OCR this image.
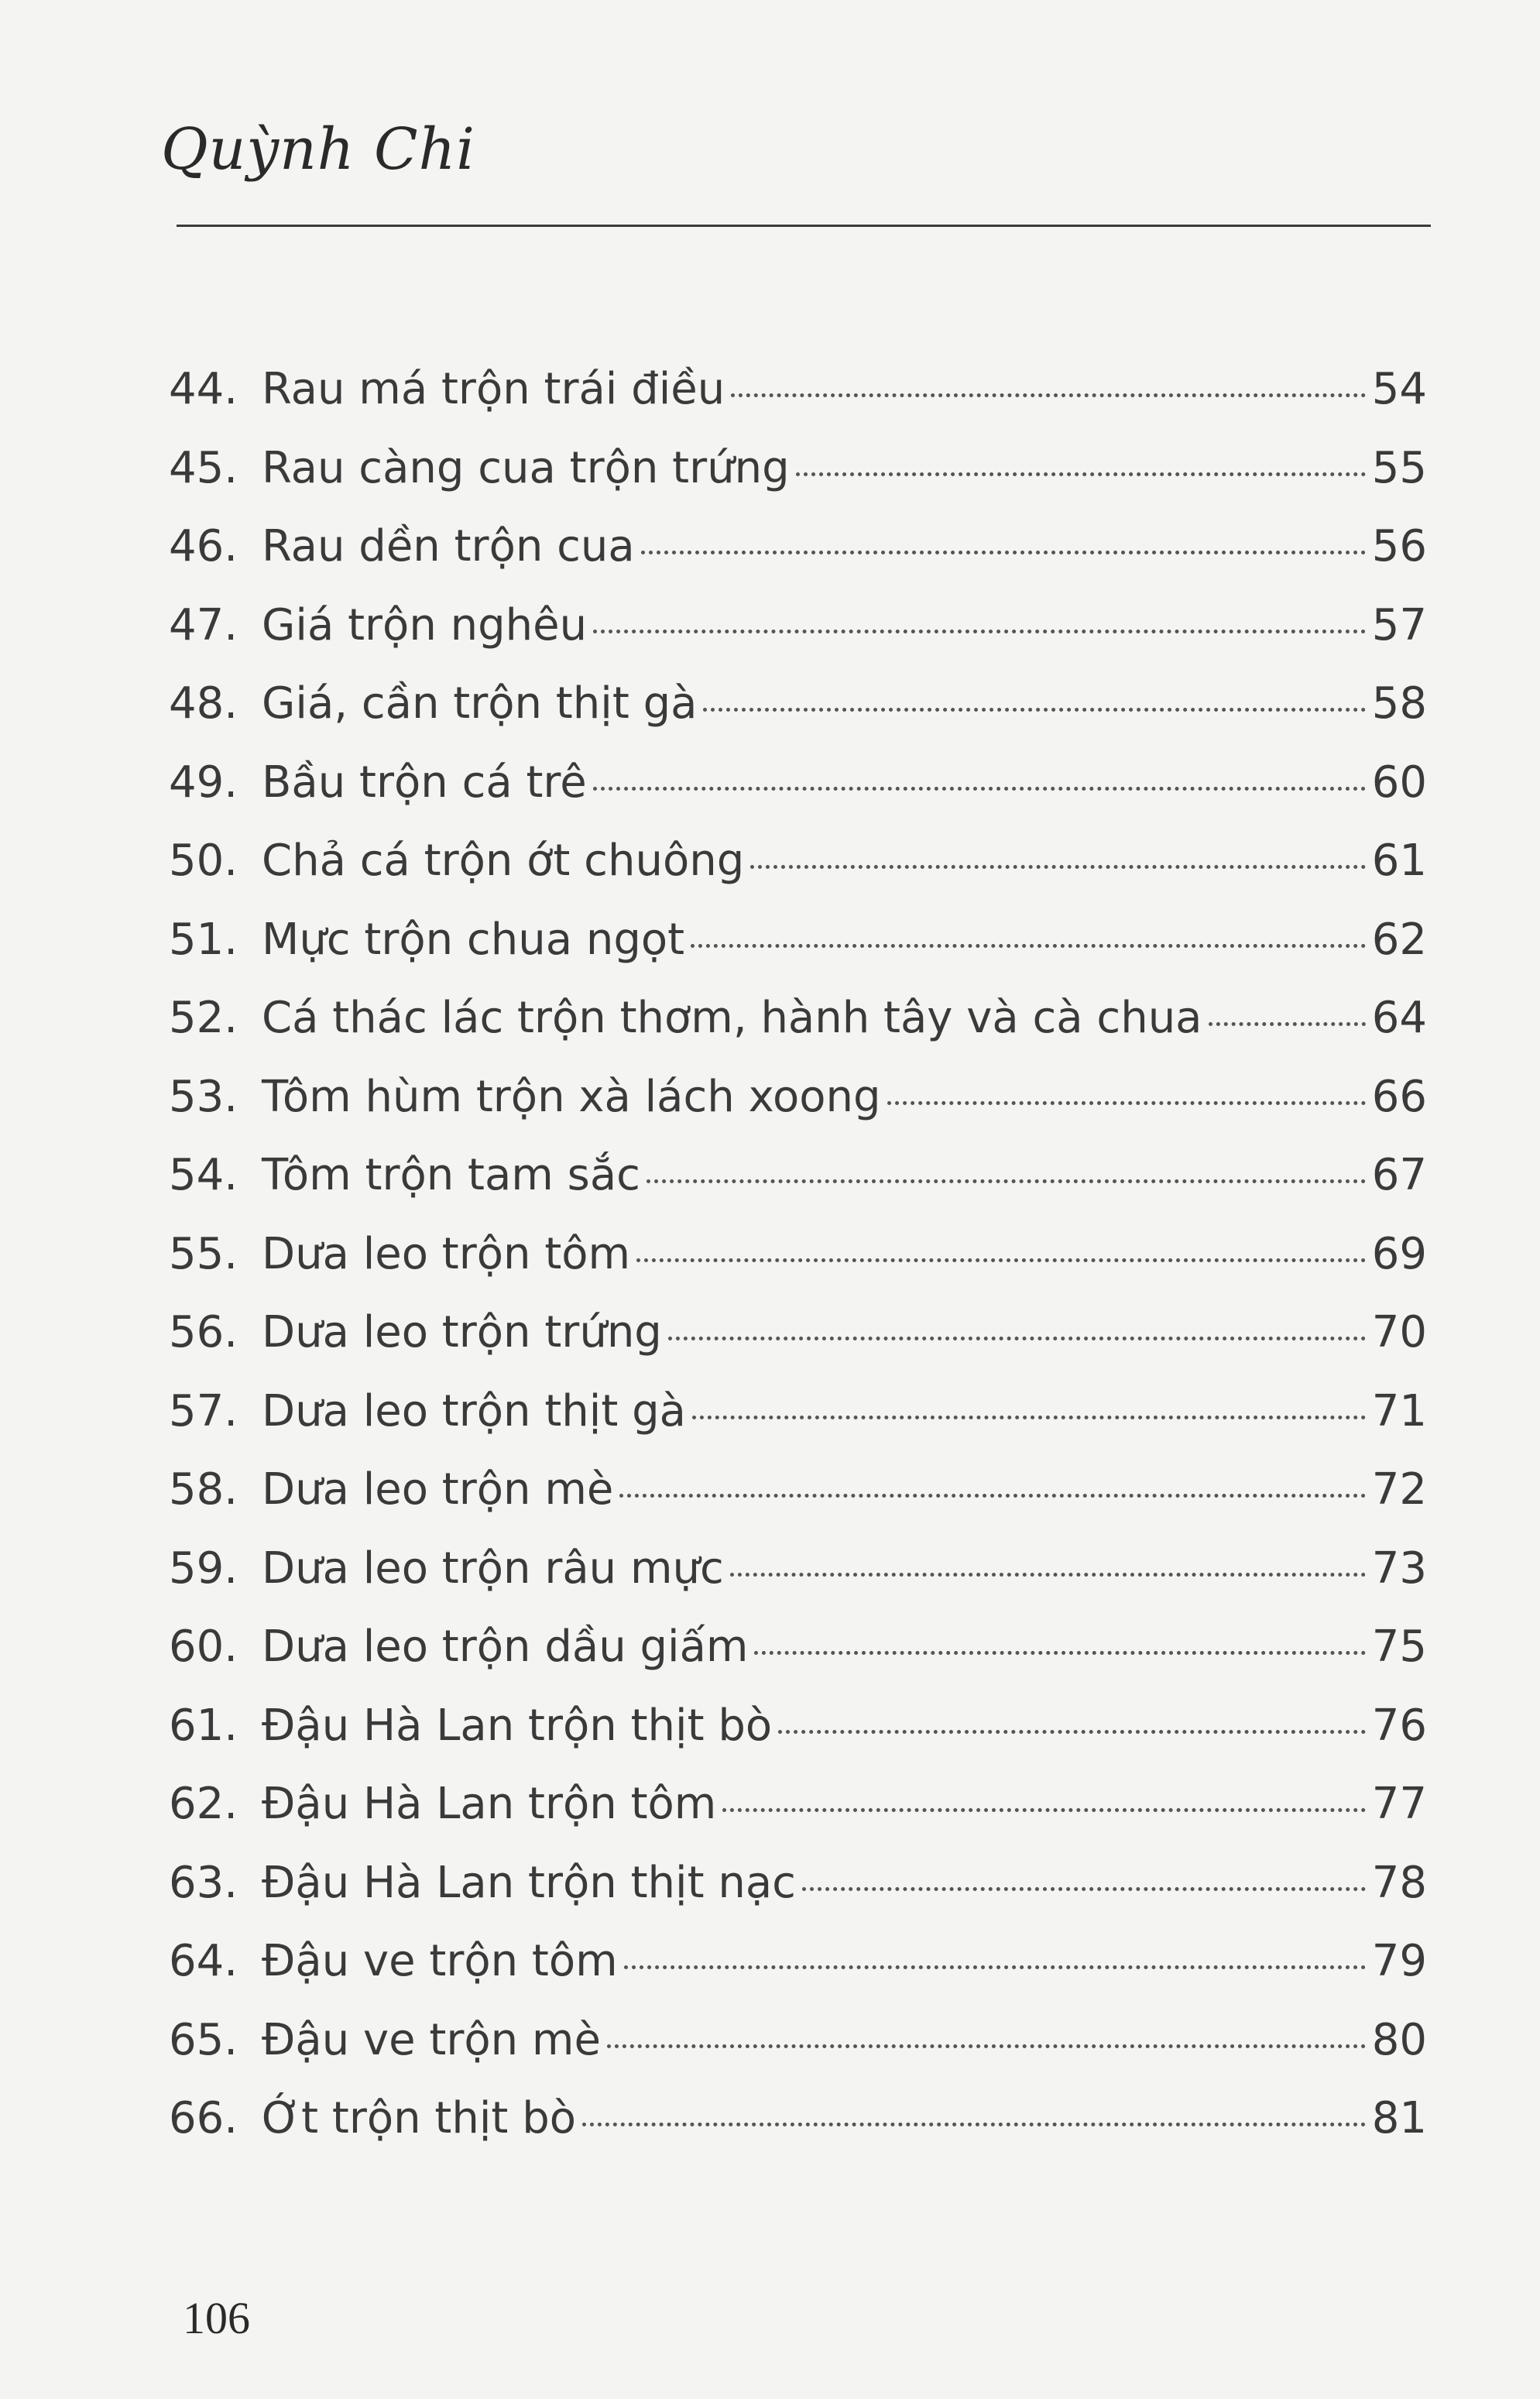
Quỳnh Chi
44. Rau má trộn trái điều	54
45. Rau càng cua trộn trứng	55
46. Rau dền trộn cua	56
47. Giá trộn nghêu	57
48. Giá, cần trộn thịt gà	58
49. Bầu trộn cá trê	60
50. Chả cá trộn ớt chuông	61
51. Mực trộn chua ngọt	62
52. Cá thác lác trộn thơm, hành tây và cà chua	64
53. Tôm hùm trộn xà lách xoong	66
54. Tôm trộn tam sắc	67
55. Dưa leo trộn tôm	69
56. Dưa leo trộn trứng	70
57. Dưa leo trộn thịt gà	71
58. Dưa leo trộn mè	72
59. Dưa leo trộn râu mực	73
60. Dưa leo trộn dầu giấm	75
61. Đậu Hà Lan trộn thịt bò	76
62. Đậu Hà Lan trộn tôm	77
63. Đậu Hà Lan trộn thịt nạc	78
64. Đậu ve trộn tôm	79
65. Đậu ve trộn mè	80
66. Ớt trộn thịt bò	81
106
